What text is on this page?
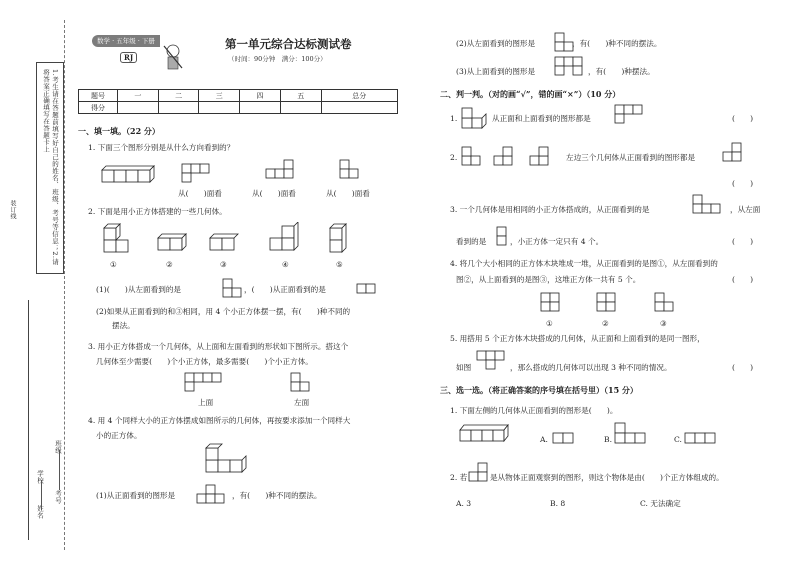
1.考生请在答题前填写好自己的姓名、班级、考号等信息；2.请将答案正确填写在答题卡上
装订线
班级
考号
学校
姓名
数学 · 五年级 · 下册
RJ
第一单元综合达标测试卷
（时间：90分钟　满分：100分）
题号	一	二	三	四	五	总分
得分						
一、填一填。（22 分）
1. 下面三个图形分别是从什么方向看到的？
从(　　)面看	从(　　)面看	从(　　)面看
2. 下面是用小正方体搭建的一些几何体。
①	②	③	④	⑤
(1)(　　)从左面看到的是	，(　　)从正面看到的是
(2)如果从正面看到的和③相同，用 4 个小正方体摆一摆，有(　　)种不同的
摆法。
3. 用小正方体搭成一个几何体，从上面和左面看到的形状如下图所示。搭这个
几何体至少需要(　　)个小正方体，最多需要(　　)个小正方体。
上面	左面
4. 用 4 个同样大小的正方体摆成如图所示的几何体，再按要求添加一个同样大
小的正方体。
(1)从正面看到的图形是	，有(　　)种不同的摆法。
(2)从左面看到的图形是	，有(　　)种不同的摆法。
(3)从上面看到的图形是	，有(　　)种摆法。
二、判一判。（对的画“√”，错的画“×”）（10 分）
1.	从正面和上面看到的图形都是	(　　)
2.	左边三个几何体从正面看到的图形都是
(　　)
3. 一个几何体是用相同的小正方体搭成的，从正面看到的是	，从左面
看到的是	，小正方体一定只有 4 个。	(　　)
4. 将几个大小相同的正方体木块堆成一堆，从正面看到的是图①，从左面看到的
图②，从上面看到的是图③，这堆正方体一共有 5 个。	(　　)
①	②	③
5. 用搭用 5 个正方体木块搭成的几何体，从正面和上面看到的是同一图形，
如图	，那么搭成的几何体可以出现 3 种不同的情况。	(　　)
三、选一选。（将正确答案的序号填在括号里）（15 分）
1. 下面左侧的几何体从正面看到的图形是(　　)。
A.	B.	C.
2. 若	是从物体正面观察到的图形，则这个物体是由(　　)个正方体组成的。
A. 3	B. 8	C. 无法确定
